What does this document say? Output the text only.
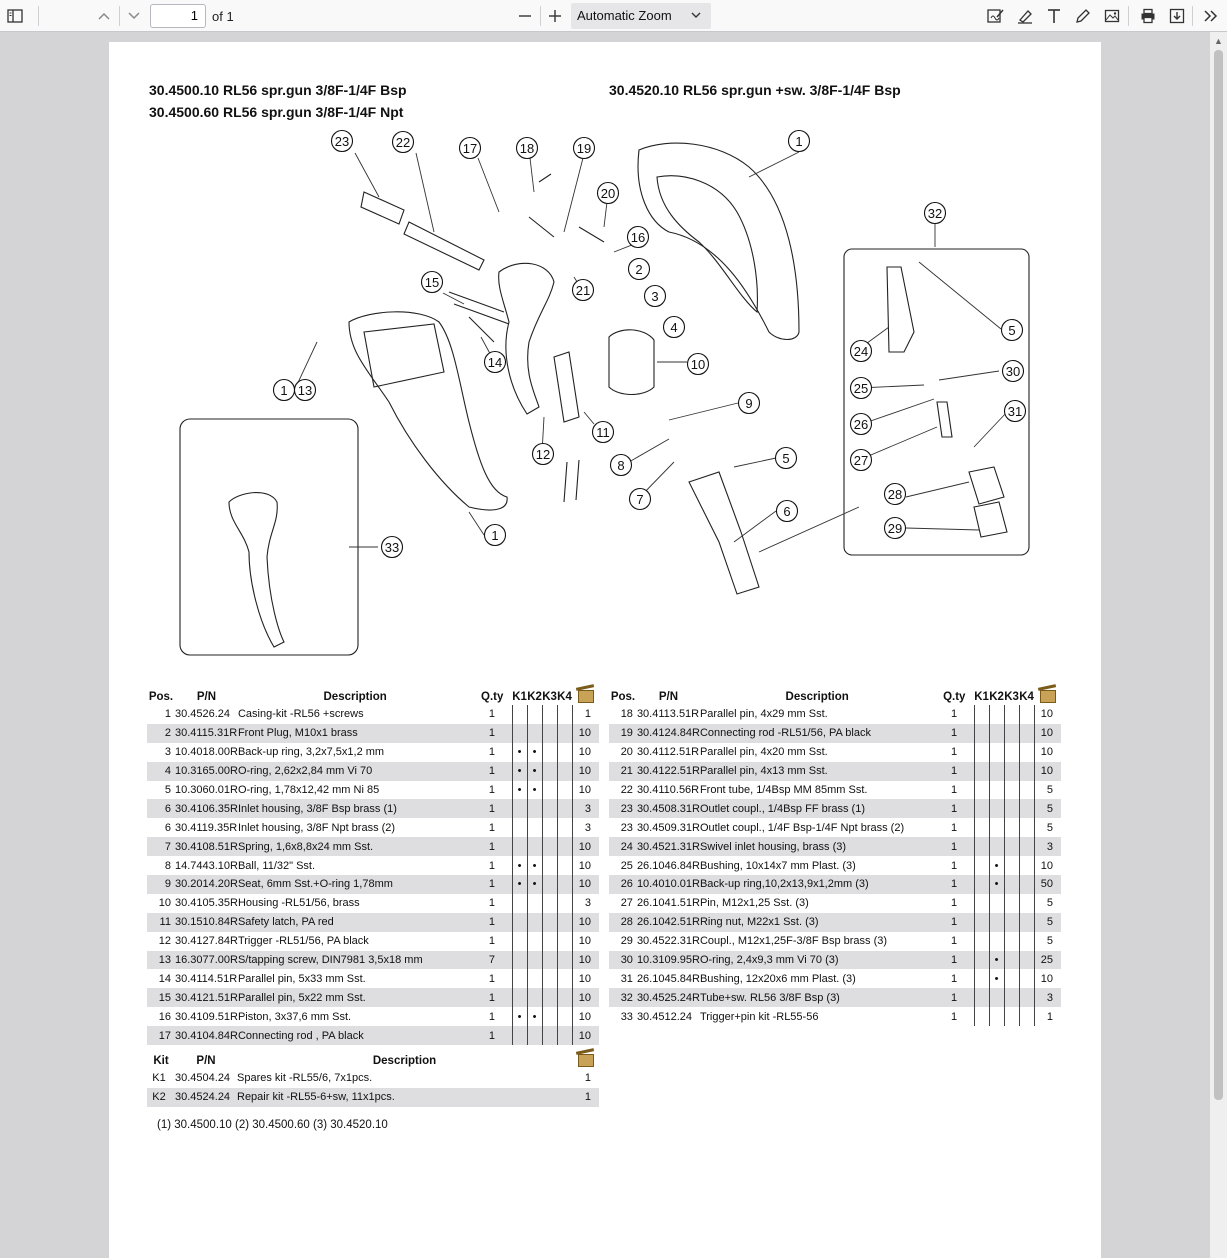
1	of 1	Automatic Zoom
▲
30.4500.10 RL56 spr.gun 3/8F-1/4F Bsp
30.4500.60 RL56 spr.gun 3/8F-1/4F Npt
30.4520.10 RL56 spr.gun +sw. 3/8F-1/4F Bsp
23	22	17	18	19
20
16
21
15
2
3
4
1
32
5
24
30
25
26
31
27
14	10
1 13
9
5
8
11
12
7	28
29
6
1
33
Pos.	P/N	Description	Q.ty	K1	K2	K3	K4	
1	30.4526.24	Casing-kit -RL56 +screws	1					1
2	30.4115.31R	Front Plug, M10x1 brass	1					10
3	10.4018.00R	Back-up ring, 3,2x7,5x1,2 mm	1	•	•			10
4	10.3165.00R	O-ring, 2,62x2,84 mm Vi 70	1	•	•			10
5	10.3060.01R	O-ring, 1,78x12,42 mm Ni 85	1	•	•			10
6	30.4106.35R	Inlet housing, 3/8F Bsp brass (1)	1					3
6	30.4119.35R	Inlet housing, 3/8F Npt brass (2)	1					3
7	30.4108.51R	Spring, 1,6x8,8x24 mm Sst.	1					10
8	14.7443.10R	Ball, 11/32" Sst.	1	•	•			10
9	30.2014.20R	Seat, 6mm Sst.+O-ring 1,78mm	1	•	•			10
10	30.4105.35R	Housing -RL51/56, brass	1					3
11	30.1510.84R	Safety latch, PA red	1					10
12	30.4127.84R	Trigger -RL51/56, PA black	1					10
13	16.3077.00R	S/tapping screw, DIN7981 3,5x18 mm	7					10
14	30.4114.51R	Parallel pin, 5x33 mm Sst.	1					10
15	30.4121.51R	Parallel pin, 5x22 mm Sst.	1					10
16	30.4109.51R	Piston, 3x37,6 mm Sst.	1	•	•			10
17	30.4104.84R	Connecting rod , PA black	1					10
Pos.	P/N	Description	Q.ty	K1	K2	K3	K4	
18	30.4113.51R	Parallel pin, 4x29 mm Sst.	1					10
19	30.4124.84R	Connecting rod -RL51/56, PA black	1					10
20	30.4112.51R	Parallel pin, 4x20 mm Sst.	1					10
21	30.4122.51R	Parallel pin, 4x13 mm Sst.	1					10
22	30.4110.56R	Front tube, 1/4Bsp MM 85mm Sst.	1					5
23	30.4508.31R	Outlet coupl., 1/4Bsp FF brass (1)	1					5
23	30.4509.31R	Outlet coupl., 1/4F Bsp-1/4F Npt brass (2)	1					5
24	30.4521.31R	Swivel inlet housing, brass (3)	1					3
25	26.1046.84R	Bushing, 10x14x7 mm Plast. (3)	1		•			10
26	10.4010.01R	Back-up ring,10,2x13,9x1,2mm (3)	1		•			50
27	26.1041.51R	Pin, M12x1,25 Sst. (3)	1					5
28	26.1042.51R	Ring nut, M22x1 Sst. (3)	1					5
29	30.4522.31R	Coupl., M12x1,25F-3/8F Bsp brass (3)	1					5
30	10.3109.95R	O-ring, 2,4x9,3 mm Vi 70 (3)	1		•			25
31	26.1045.84R	Bushing, 12x20x6 mm Plast. (3)	1		•			10
32	30.4525.24R	Tube+sw. RL56 3/8F Bsp (3)	1					3
33	30.4512.24	Trigger+pin kit -RL55-56	1					1
Kit	P/N	Description	
K1	30.4504.24	Spares kit -RL55/6, 7x1pcs.	1
K2	30.4524.24	Repair kit -RL55-6+sw, 11x1pcs.	1
(1) 30.4500.10 (2) 30.4500.60 (3) 30.4520.10
